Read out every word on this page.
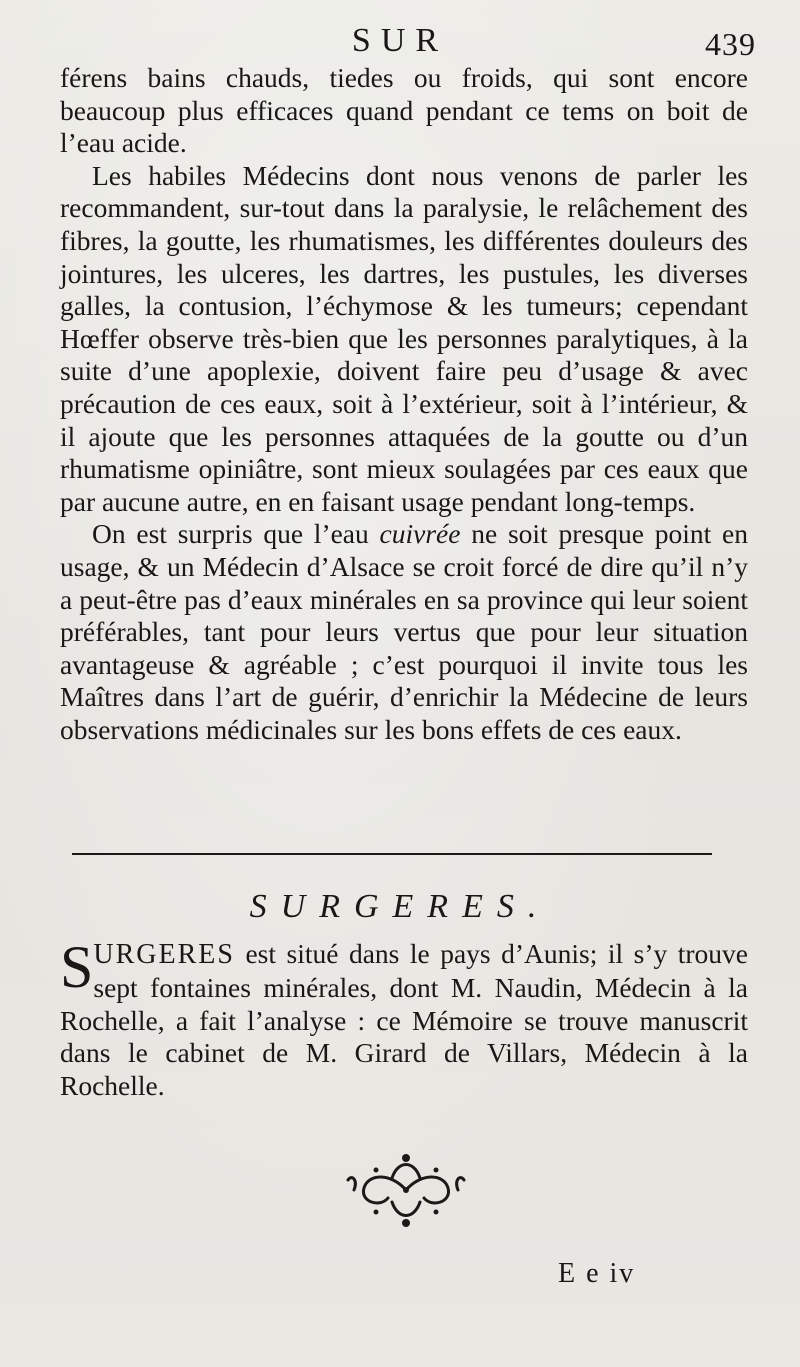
SUR	439

férens bains chauds, tiedes ou froids, qui sont encore beaucoup plus efficaces quand pendant ce tems on boit de l’eau acide.

Les habiles Médecins dont nous venons de parler les recommandent, sur-tout dans la paralysie, le relâchement des fibres, la goutte, les rhumatismes, les différentes douleurs des jointures, les ulceres, les dartres, les pustules, les diverses galles, la contusion, l’échymose & les tumeurs; cependant Hœffer observe très-bien que les personnes paralytiques, à la suite d’une apoplexie, doivent faire peu d’usage & avec précaution de ces eaux, soit à l’extérieur, soit à l’intérieur, & il ajoute que les personnes attaquées de la goutte ou d’un rhumatisme opiniâtre, sont mieux soulagées par ces eaux que par aucune autre, en en faisant usage pendant long-temps.

On est surpris que l’eau cuivrée ne soit presque point en usage, & un Médecin d’Alsace se croit forcé de dire qu’il n’y a peut-être pas d’eaux minérales en sa province qui leur soient préférables, tant pour leurs vertus que pour leur situation avantageuse & agréable ; c’est pourquoi il invite tous les Maîtres dans l’art de guérir, d’enrichir la Médecine de leurs observations médicinales sur les bons effets de ces eaux.

SURGERES.
SURGERES est situé dans le pays d’Aunis; il s’y trouve sept fontaines minérales, dont M. Naudin, Médecin à la Rochelle, a fait l’analyse : ce Mémoire se trouve manuscrit dans le cabinet de M. Girard de Villars, Médecin à la Rochelle.
E e iv
